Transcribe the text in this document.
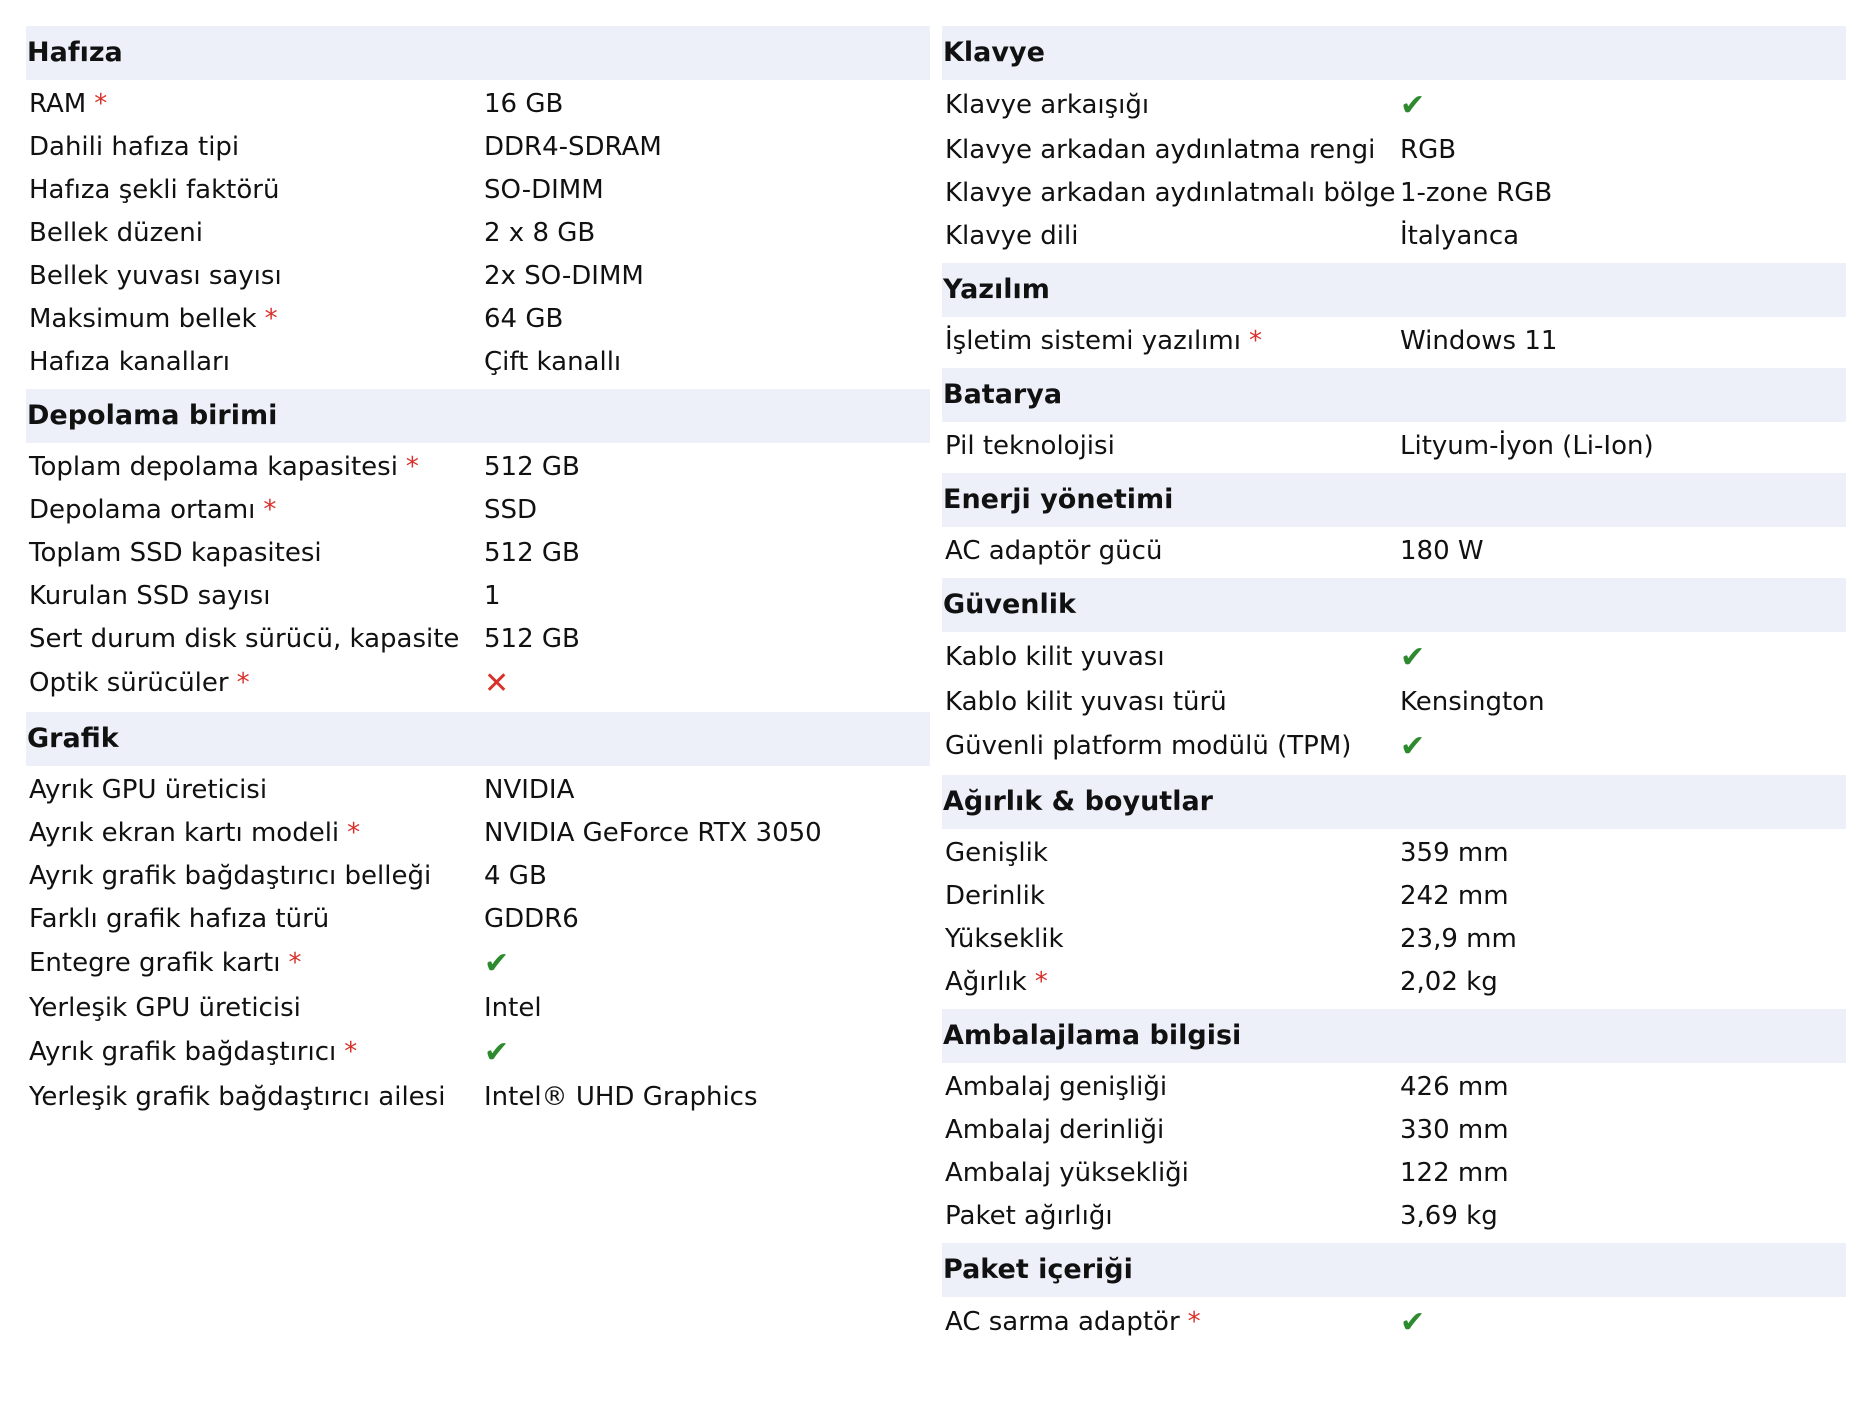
Hafıza
RAM *	16 GB
Dahili hafıza tipi	DDR4-SDRAM
Hafıza şekli faktörü	SO-DIMM
Bellek düzeni	2 x 8 GB
Bellek yuvası sayısı	2x SO-DIMM
Maksimum bellek *	64 GB
Hafıza kanalları	Çift kanallı
Depolama birimi
Toplam depolama kapasitesi *	512 GB
Depolama ortamı *	SSD
Toplam SSD kapasitesi	512 GB
Kurulan SSD sayısı	1
Sert durum disk sürücü, kapasite 512 GB
Optik sürücüler *	✕
Grafik
Ayrık GPU üreticisi	NVIDIA
Ayrık ekran kartı modeli *	NVIDIA GeForce RTX 3050
Ayrık grafik bağdaştırıcı belleği	4 GB
Farklı grafik hafıza türü	GDDR6
Entegre grafik kartı *	✔
Yerleşik GPU üreticisi	Intel
Ayrık grafik bağdaştırıcı *	✔
Yerleşik grafik bağdaştırıcı ailesi	Intel® UHD Graphics
Klavye
Klavye arkaışığı	✔
Klavye arkadan aydınlatma rengi RGB
Klavye arkadan aydınlatmalı bölge 1-zone RGB
Klavye dili	İtalyanca
Yazılım
İşletim sistemi yazılımı *	Windows 11
Batarya
Pil teknolojisi	Lityum-İyon (Li-Ion)
Enerji yönetimi
AC adaptör gücü	180 W
Güvenlik
Kablo kilit yuvası	✔
Kablo kilit yuvası türü	Kensington
Güvenli platform modülü (TPM)	✔
Ağırlık & boyutlar
Genişlik	359 mm
Derinlik	242 mm
Yükseklik	23,9 mm
Ağırlık *	2,02 kg
Ambalajlama bilgisi
Ambalaj genişliği	426 mm
Ambalaj derinliği	330 mm
Ambalaj yüksekliği	122 mm
Paket ağırlığı	3,69 kg
Paket içeriği
AC sarma adaptör *	✔
